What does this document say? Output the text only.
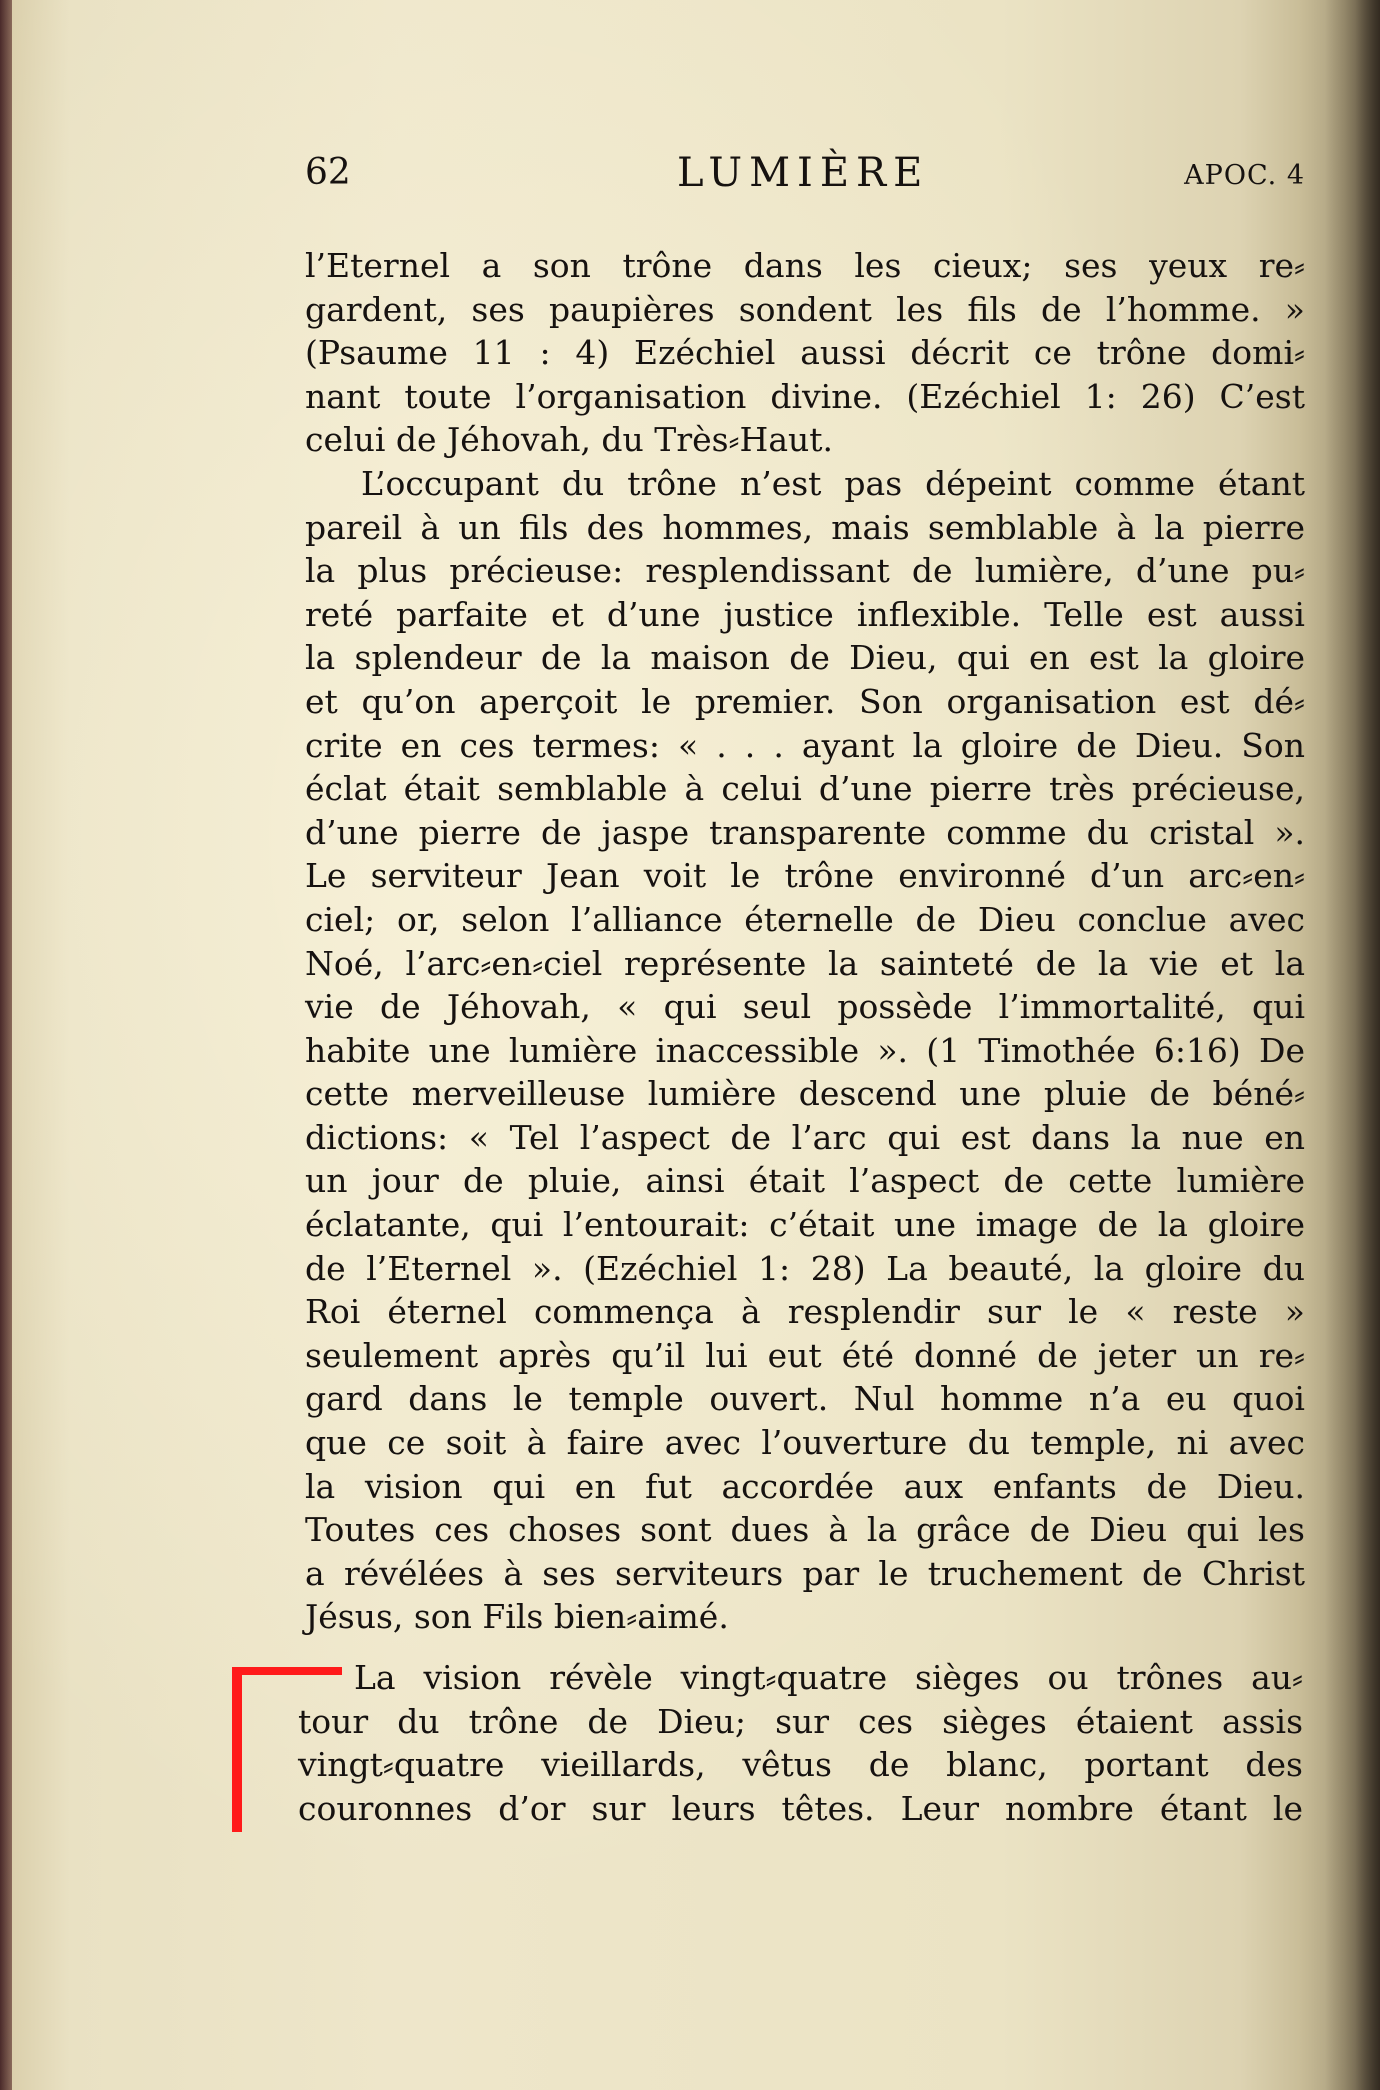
62	LUMIÈRE	APOC. 4
l’Eternel a son trône dans les cieux; ses yeux re⸗
gardent, ses paupières sondent les fils de l’homme. »
(Psaume 11 : 4) Ezéchiel aussi décrit ce trône domi⸗
nant toute l’organisation divine. (Ezéchiel 1: 26) C’est
celui de Jéhovah, du Très⸗Haut.
L’occupant du trône n’est pas dépeint comme étant
pareil à un fils des hommes, mais semblable à la pierre
la plus précieuse: resplendissant de lumière, d’une pu⸗
reté parfaite et d’une justice inflexible. Telle est aussi
la splendeur de la maison de Dieu, qui en est la gloire
et qu’on aperçoit le premier. Son organisation est dé⸗
crite en ces termes: « . . . ayant la gloire de Dieu. Son
éclat était semblable à celui d’une pierre très précieuse,
d’une pierre de jaspe transparente comme du cristal ».
Le serviteur Jean voit le trône environné d’un arc⸗en⸗
ciel; or, selon l’alliance éternelle de Dieu conclue avec
Noé, l’arc⸗en⸗ciel représente la sainteté de la vie et la
vie de Jéhovah, « qui seul possède l’immortalité, qui
habite une lumière inaccessible ». (1 Timothée 6:16) De
cette merveilleuse lumière descend une pluie de béné⸗
dictions: « Tel l’aspect de l’arc qui est dans la nue en
un jour de pluie, ainsi était l’aspect de cette lumière
éclatante, qui l’entourait: c’était une image de la gloire
de l’Eternel ». (Ezéchiel 1: 28) La beauté, la gloire du
Roi éternel commença à resplendir sur le « reste »
seulement après qu’il lui eut été donné de jeter un re⸗
gard dans le temple ouvert. Nul homme n’a eu quoi
que ce soit à faire avec l’ouverture du temple, ni avec
la vision qui en fut accordée aux enfants de Dieu.
Toutes ces choses sont dues à la grâce de Dieu qui les
a révélées à ses serviteurs par le truchement de Christ
Jésus, son Fils bien⸗aimé.
La vision révèle vingt⸗quatre sièges ou trônes au⸗
tour du trône de Dieu; sur ces sièges étaient assis
vingt⸗quatre vieillards, vêtus de blanc, portant des
couronnes d’or sur leurs têtes. Leur nombre étant le
